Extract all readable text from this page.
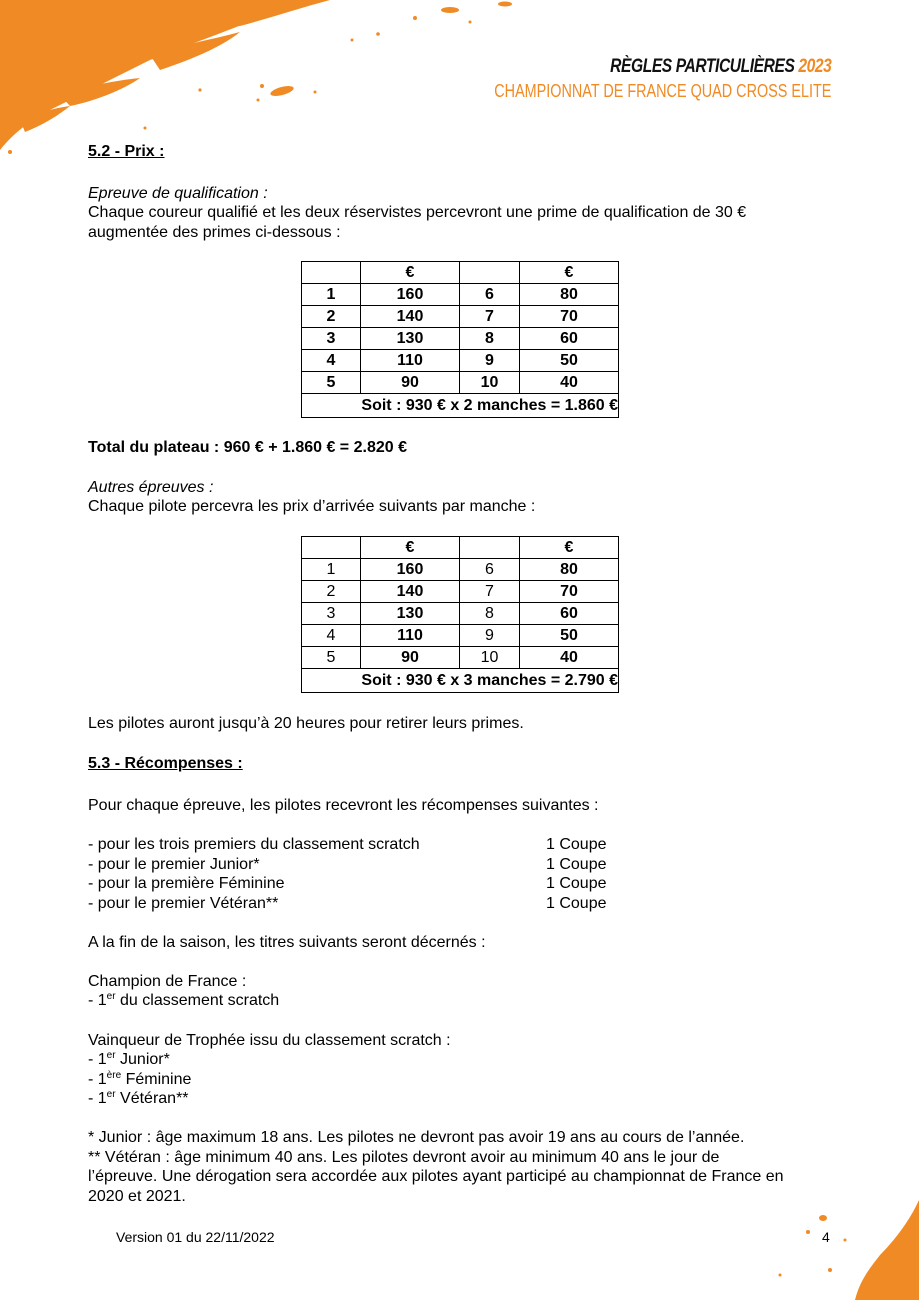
RÈGLES PARTICULIÈRES 2023
CHAMPIONNAT DE FRANCE QUAD CROSS ELITE
5.2 - Prix :
Epreuve de qualification :
Chaque coureur qualifié et les deux réservistes percevront une prime de qualification de 30 €
augmentée des primes ci-dessous :
	€		€
1	160	6	80
2	140	7	70
3	130	8	60
4	110	9	50
5	90	10	40
Soit : 930 € x 2 manches = 1.860 €			
Total du plateau : 960 € + 1.860 € = 2.820 €
Autres épreuves :
Chaque pilote percevra les prix d’arrivée suivants par manche :
	€		€
1	160	6	80
2	140	7	70
3	130	8	60
4	110	9	50
5	90	10	40
Soit : 930 € x 3 manches = 2.790 €			
Les pilotes auront jusqu’à 20 heures pour retirer leurs primes.
5.3 - Récompenses :
Pour chaque épreuve, les pilotes recevront les récompenses suivantes :
- pour les trois premiers du classement scratch	1 Coupe
- pour le premier Junior*	1 Coupe
- pour la première Féminine	1 Coupe
- pour le premier Vétéran**	1 Coupe
A la fin de la saison, les titres suivants seront décernés :
Champion de France :
- 1er du classement scratch
Vainqueur de Trophée issu du classement scratch :
- 1er Junior*
- 1ère Féminine
- 1er Vétéran**
* Junior : âge maximum 18 ans. Les pilotes ne devront pas avoir 19 ans au cours de l’année.
** Vétéran : âge minimum 40 ans. Les pilotes devront avoir au minimum 40 ans le jour de
l’épreuve. Une dérogation sera accordée aux pilotes ayant participé au championnat de France en
2020 et 2021.
Version 01 du 22/11/2022	4
